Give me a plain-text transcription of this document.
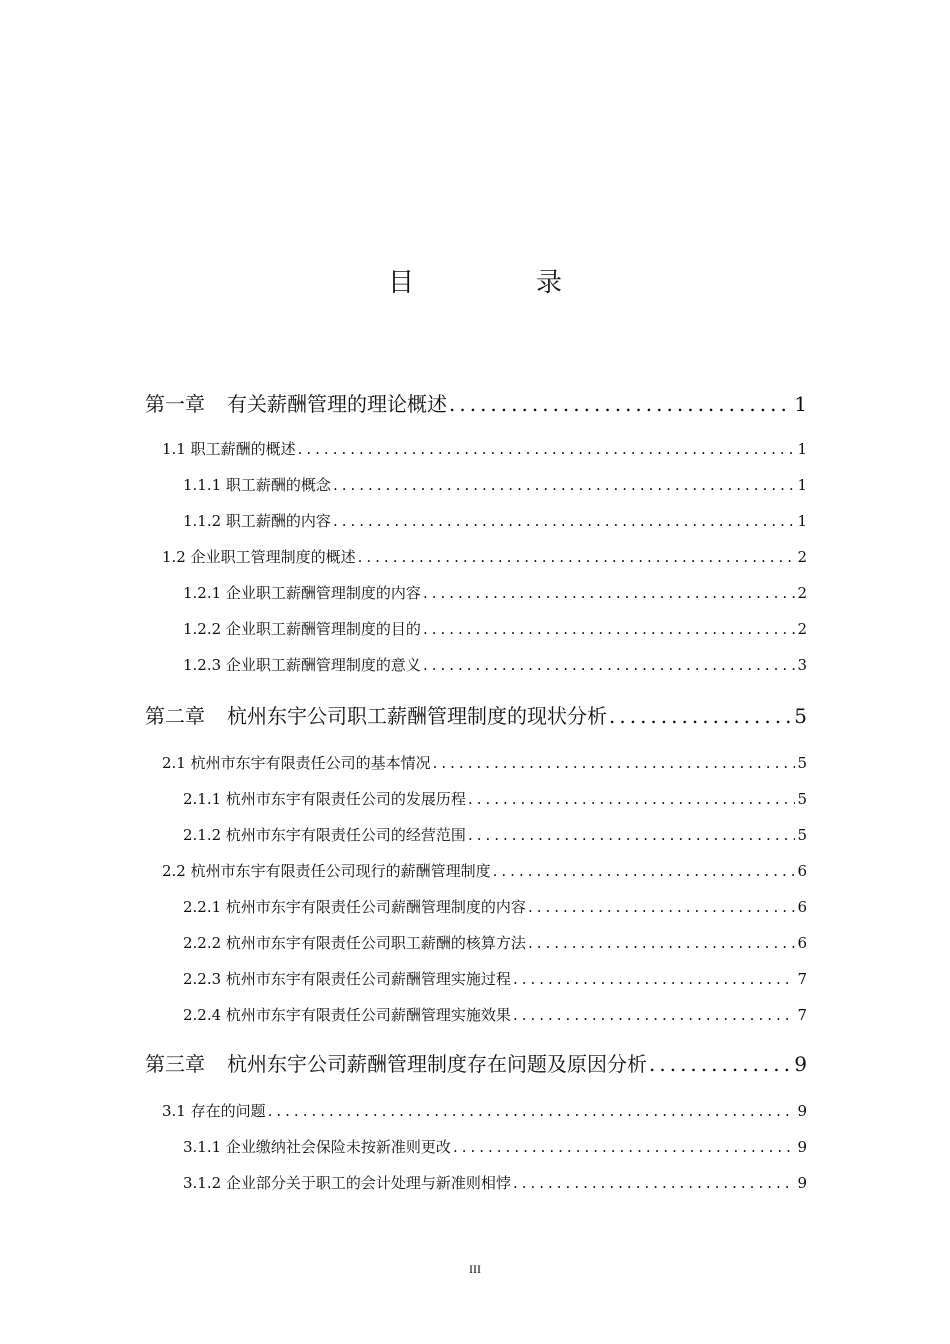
目　录
第一章 有关薪酬管理的理论概述 .....	1
1.1 职工薪酬的概述 .....	1
1.1.1 职工薪酬的概念 .....	1
1.1.2 职工薪酬的内容 .....	1
1.2 企业职工管理制度的概述 .....	2
1.2.1 企业职工薪酬管理制度的内容 .....	2
1.2.2 企业职工薪酬管理制度的目的 .....	2
1.2.3 企业职工薪酬管理制度的意义 .....	3
第二章 杭州东宇公司职工薪酬管理制度的现状分析 .....	5
2.1 杭州市东宇有限责任公司的基本情况 .....	5
2.1.1 杭州市东宇有限责任公司的发展历程 .....	5
2.1.2 杭州市东宇有限责任公司的经营范围 .....	5
2.2 杭州市东宇有限责任公司现行的薪酬管理制度 .....	6
2.2.1 杭州市东宇有限责任公司薪酬管理制度的内容 .....	6
2.2.2 杭州市东宇有限责任公司职工薪酬的核算方法 .....	6
2.2.3 杭州市东宇有限责任公司薪酬管理实施过程 .....	7
2.2.4 杭州市东宇有限责任公司薪酬管理实施效果 .....	7
第三章 杭州东宇公司薪酬管理制度存在问题及原因分析 .....	9
3.1 存在的问题 .....	9
3.1.1 企业缴纳社会保险未按新准则更改 .....	9
3.1.2 企业部分关于职工的会计处理与新准则相悖 .....	9
III
